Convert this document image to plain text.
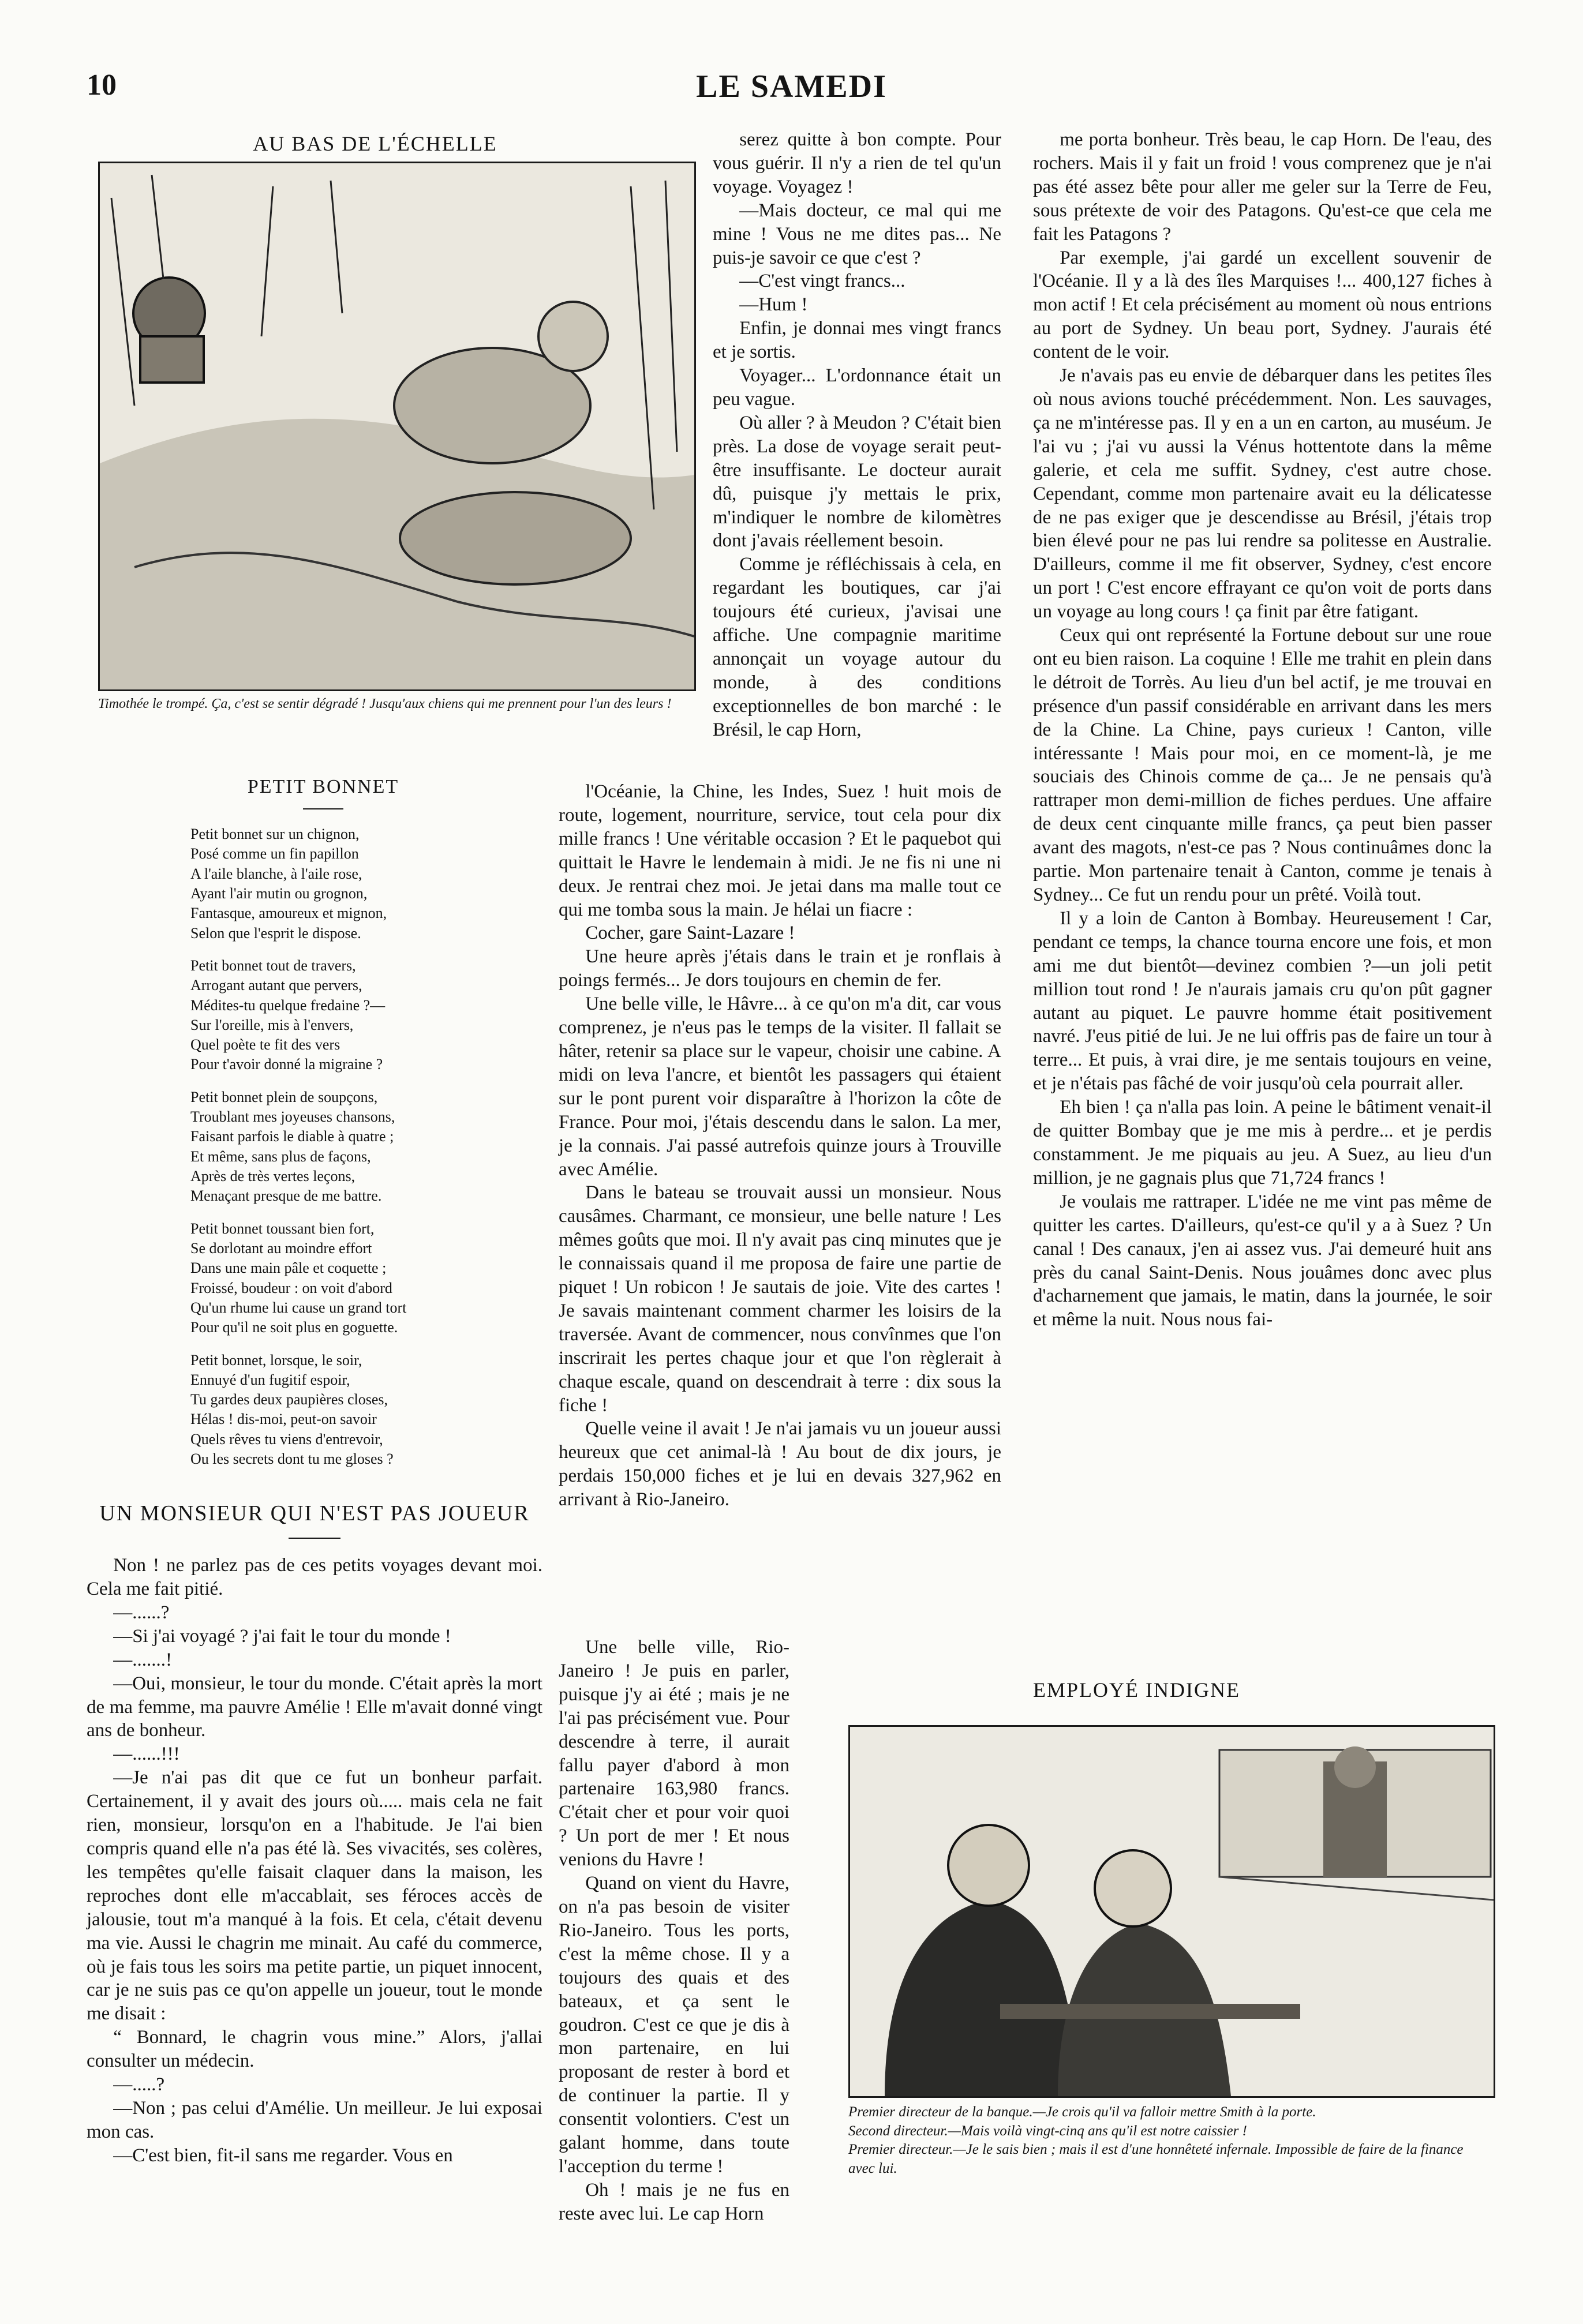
10	LE SAMEDI
AU BAS DE L'ÉCHELLE
Timothée le trompé. Ça, c'est se sentir dégradé ! Jusqu'aux chiens qui me prennent pour l'un des leurs !
PETIT BONNET
Petit bonnet sur un chignon,
Posé comme un fin papillon
A l'aile blanche, à l'aile rose,
Ayant l'air mutin ou grognon,
Fantasque, amoureux et mignon,
Selon que l'esprit le dispose.
Petit bonnet tout de travers,
Arrogant autant que pervers,
Médites-tu quelque fredaine ?—
Sur l'oreille, mis à l'envers,
Quel poète te fit des vers
Pour t'avoir donné la migraine ?
Petit bonnet plein de soupçons,
Troublant mes joyeuses chansons,
Faisant parfois le diable à quatre ;
Et même, sans plus de façons,
Après de très vertes leçons,
Menaçant presque de me battre.
Petit bonnet toussant bien fort,
Se dorlotant au moindre effort
Dans une main pâle et coquette ;
Froissé, boudeur : on voit d'abord
Qu'un rhume lui cause un grand tort
Pour qu'il ne soit plus en goguette.
Petit bonnet, lorsque, le soir,
Ennuyé d'un fugitif espoir,
Tu gardes deux paupières closes,
Hélas ! dis-moi, peut-on savoir
Quels rêves tu viens d'entrevoir,
Ou les secrets dont tu me gloses ?
UN MONSIEUR QUI N'EST PAS JOUEUR

Non ! ne parlez pas de ces petits voyages devant moi. Cela me fait pitié.

—......?

—Si j'ai voyagé ? j'ai fait le tour du monde !

—.......!

—Oui, monsieur, le tour du monde. C'était après la mort de ma femme, ma pauvre Amélie ! Elle m'avait donné vingt ans de bonheur.

—......!!!

—Je n'ai pas dit que ce fut un bonheur parfait. Certainement, il y avait des jours où..... mais cela ne fait rien, monsieur, lorsqu'on en a l'habitude. Je l'ai bien compris quand elle n'a pas été là. Ses vivacités, ses colères, les tempêtes qu'elle faisait claquer dans la maison, les reproches dont elle m'accablait, ses féroces accès de jalousie, tout m'a manqué à la fois. Et cela, c'était devenu ma vie. Aussi le chagrin me minait. Au café du commerce, où je fais tous les soirs ma petite partie, un piquet innocent, car je ne suis pas ce qu'on appelle un joueur, tout le monde me disait :

“ Bonnard, le chagrin vous mine.” Alors, j'allai consulter un médecin.

—.....?

—Non ; pas celui d'Amélie. Un meilleur. Je lui exposai mon cas.

—C'est bien, fit-il sans me regarder. Vous en

serez quitte à bon compte. Pour vous guérir. Il n'y a rien de tel qu'un voyage. Voyagez !

—Mais docteur, ce mal qui me mine ! Vous ne me dites pas... Ne puis-je savoir ce que c'est ?

—C'est vingt francs...

—Hum !

Enfin, je donnai mes vingt francs et je sortis.

Voyager... L'ordonnance était un peu vague.

Où aller ? à Meudon ? C'était bien près. La dose de voyage serait peut-être insuffisante. Le docteur aurait dû, puisque j'y mettais le prix, m'indiquer le nombre de kilomètres dont j'avais réellement besoin.

Comme je réfléchissais à cela, en regardant les boutiques, car j'ai toujours été curieux, j'avisai une affiche. Une compagnie maritime annonçait un voyage autour du monde, à des conditions exceptionnelles de bon marché : le Brésil, le cap Horn,

l'Océanie, la Chine, les Indes, Suez ! huit mois de route, logement, nourriture, service, tout cela pour dix mille francs ! Une véritable occasion ? Et le paquebot qui quittait le Havre le lendemain à midi. Je ne fis ni une ni deux. Je rentrai chez moi. Je jetai dans ma malle tout ce qui me tomba sous la main. Je hélai un fiacre :

Cocher, gare Saint-Lazare !

Une heure après j'étais dans le train et je ronflais à poings fermés... Je dors toujours en chemin de fer.

Une belle ville, le Hâvre... à ce qu'on m'a dit, car vous comprenez, je n'eus pas le temps de la visiter. Il fallait se hâter, retenir sa place sur le vapeur, choisir une cabine. A midi on leva l'ancre, et bientôt les passagers qui étaient sur le pont purent voir disparaître à l'horizon la côte de France. Pour moi, j'étais descendu dans le salon. La mer, je la connais. J'ai passé autrefois quinze jours à Trouville avec Amélie.

Dans le bateau se trouvait aussi un monsieur. Nous causâmes. Charmant, ce monsieur, une belle nature ! Les mêmes goûts que moi. Il n'y avait pas cinq minutes que je le connaissais quand il me proposa de faire une partie de piquet ! Un robicon ! Je sautais de joie. Vite des cartes ! Je savais maintenant comment charmer les loisirs de la traversée. Avant de commencer, nous convînmes que l'on inscrirait les pertes chaque jour et que l'on règlerait à chaque escale, quand on descendrait à terre : dix sous la fiche !

Quelle veine il avait ! Je n'ai jamais vu un joueur aussi heureux que cet animal-là ! Au bout de dix jours, je perdais 150,000 fiches et je lui en devais 327,962 en arrivant à Rio-Janeiro.

Une belle ville, Rio-Janeiro ! Je puis en parler, puisque j'y ai été ; mais je ne l'ai pas précisément vue. Pour descendre à terre, il aurait fallu payer d'abord à mon partenaire 163,980 francs. C'était cher et pour voir quoi ? Un port de mer ! Et nous venions du Havre !

Quand on vient du Havre, on n'a pas besoin de visiter Rio-Janeiro. Tous les ports, c'est la même chose. Il y a toujours des quais et des bateaux, et ça sent le goudron. C'est ce que je dis à mon partenaire, en lui proposant de rester à bord et de continuer la partie. Il y consentit volontiers. C'est un galant homme, dans toute l'acception du terme !

Oh ! mais je ne fus en reste avec lui. Le cap Horn

me porta bonheur. Très beau, le cap Horn. De l'eau, des rochers. Mais il y fait un froid ! vous comprenez que je n'ai pas été assez bête pour aller me geler sur la Terre de Feu, sous prétexte de voir des Patagons. Qu'est-ce que cela me fait les Patagons ?

Par exemple, j'ai gardé un excellent souvenir de l'Océanie. Il y a là des îles Marquises !... 400,127 fiches à mon actif ! Et cela précisément au moment où nous entrions au port de Sydney. Un beau port, Sydney. J'aurais été content de le voir.

Je n'avais pas eu envie de débarquer dans les petites îles où nous avions touché précédemment. Non. Les sauvages, ça ne m'intéresse pas. Il y en a un en carton, au muséum. Je l'ai vu ; j'ai vu aussi la Vénus hottentote dans la même galerie, et cela me suffit. Sydney, c'est autre chose. Cependant, comme mon partenaire avait eu la délicatesse de ne pas exiger que je descendisse au Brésil, j'étais trop bien élevé pour ne pas lui rendre sa politesse en Australie. D'ailleurs, comme il me fit observer, Sydney, c'est encore un port ! C'est encore effrayant ce qu'on voit de ports dans un voyage au long cours ! ça finit par être fatigant.

Ceux qui ont représenté la Fortune debout sur une roue ont eu bien raison. La coquine ! Elle me trahit en plein dans le détroit de Torrès. Au lieu d'un bel actif, je me trouvai en présence d'un passif considérable en arrivant dans les mers de la Chine. La Chine, pays curieux ! Canton, ville intéressante ! Mais pour moi, en ce moment-là, je me souciais des Chinois comme de ça... Je ne pensais qu'à rattraper mon demi-million de fiches perdues. Une affaire de deux cent cinquante mille francs, ça peut bien passer avant des magots, n'est-ce pas ? Nous continuâmes donc la partie. Mon partenaire tenait à Canton, comme je tenais à Sydney... Ce fut un rendu pour un prêté. Voilà tout.

Il y a loin de Canton à Bombay. Heureusement ! Car, pendant ce temps, la chance tourna encore une fois, et mon ami me dut bientôt—devinez combien ?—un joli petit million tout rond ! Je n'aurais jamais cru qu'on pût gagner autant au piquet. Le pauvre homme était positivement navré. J'eus pitié de lui. Je ne lui offris pas de faire un tour à terre... Et puis, à vrai dire, je me sentais toujours en veine, et je n'étais pas fâché de voir jusqu'où cela pourrait aller.

Eh bien ! ça n'alla pas loin. A peine le bâtiment venait-il de quitter Bombay que je me mis à perdre... et je perdis constamment. Je me piquais au jeu. A Suez, au lieu d'un million, je ne gagnais plus que 71,724 francs !

Je voulais me rattraper. L'idée ne me vint pas même de quitter les cartes. D'ailleurs, qu'est-ce qu'il y a à Suez ? Un canal ! Des canaux, j'en ai assez vus. J'ai demeuré huit ans près du canal Saint-Denis. Nous jouâmes donc avec plus d'acharnement que jamais, le matin, dans la journée, le soir et même la nuit. Nous nous fai-

EMPLOYÉ INDIGNE
Premier directeur de la banque.—Je crois qu'il va falloir mettre Smith à la porte.
Second directeur.—Mais voilà vingt-cinq ans qu'il est notre caissier !
Premier directeur.—Je le sais bien ; mais il est d'une honnêteté infernale. Impossible de faire de la finance avec lui.
